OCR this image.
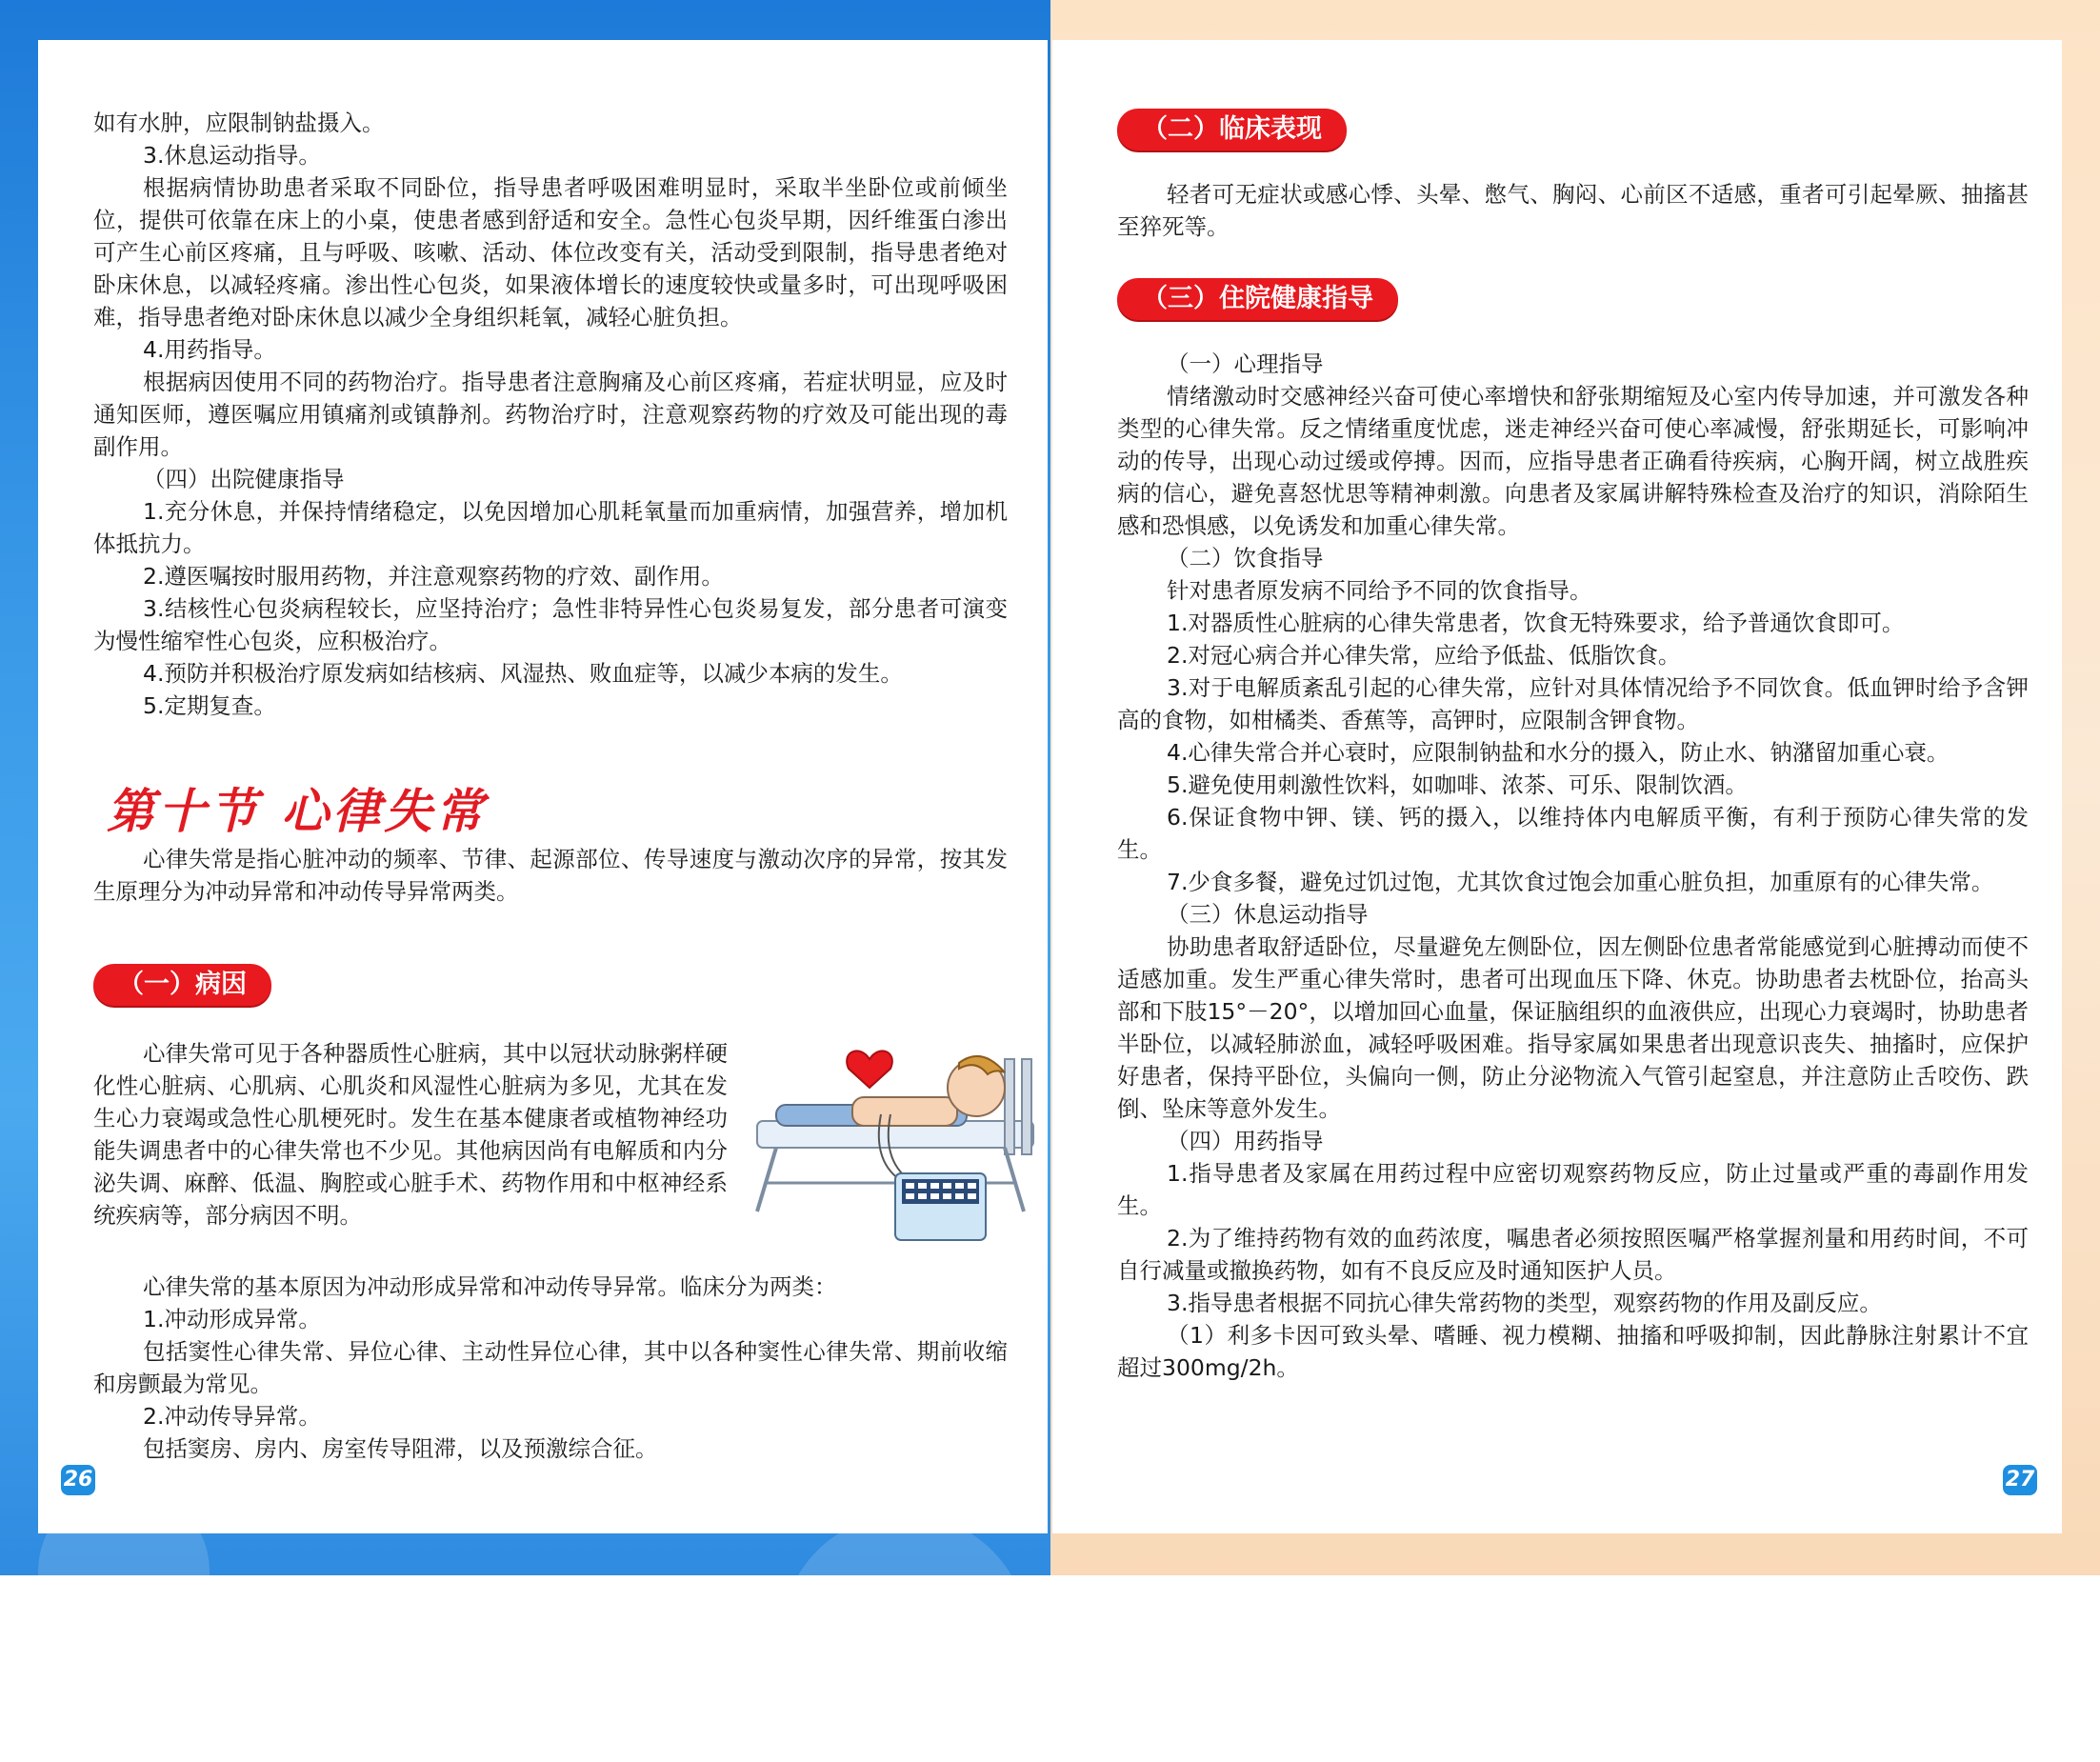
如有水肿，应限制钠盐摄入。

3.休息运动指导。

根据病情协助患者采取不同卧位，指导患者呼吸困难明显时，采取半坐卧位或前倾坐位，提供可依靠在床上的小桌，使患者感到舒适和安全。急性心包炎早期，因纤维蛋白渗出可产生心前区疼痛，且与呼吸、咳嗽、活动、体位改变有关，活动受到限制，指导患者绝对卧床休息，以减轻疼痛。渗出性心包炎，如果液体增长的速度较快或量多时，可出现呼吸困难，指导患者绝对卧床休息以减少全身组织耗氧，减轻心脏负担。

4.用药指导。

根据病因使用不同的药物治疗。指导患者注意胸痛及心前区疼痛，若症状明显，应及时通知医师，遵医嘱应用镇痛剂或镇静剂。药物治疗时，注意观察药物的疗效及可能出现的毒副作用。

（四）出院健康指导

1.充分休息，并保持情绪稳定，以免因增加心肌耗氧量而加重病情，加强营养，增加机体抵抗力。

2.遵医嘱按时服用药物，并注意观察药物的疗效、副作用。

3.结核性心包炎病程较长，应坚持治疗；急性非特异性心包炎易复发，部分患者可演变为慢性缩窄性心包炎，应积极治疗。

4.预防并积极治疗原发病如结核病、风湿热、败血症等，以减少本病的发生。

5.定期复查。

第十节 心律失常

心律失常是指心脏冲动的频率、节律、起源部位、传导速度与激动次序的异常，按其发生原理分为冲动异常和冲动传导异常两类。

（一）病因

心律失常可见于各种器质性心脏病，其中以冠状动脉粥样硬化性心脏病、心肌病、心肌炎和风湿性心脏病为多见，尤其在发生心力衰竭或急性心肌梗死时。发生在基本健康者或植物神经功能失调患者中的心律失常也不少见。其他病因尚有电解质和内分泌失调、麻醉、低温、胸腔或心脏手术、药物作用和中枢神经系统疾病等，部分病因不明。

心律失常的基本原因为冲动形成异常和冲动传导异常。临床分为两类：

1.冲动形成异常。

包括窦性心律失常、异位心律、主动性异位心律，其中以各种窦性心律失常、期前收缩和房颤最为常见。

2.冲动传导异常。

包括窦房、房内、房室传导阻滞，以及预激综合征。

26
（二）临床表现

轻者可无症状或感心悸、头晕、憋气、胸闷、心前区不适感，重者可引起晕厥、抽搐甚至猝死等。

（三）住院健康指导

（一）心理指导

情绪激动时交感神经兴奋可使心率增快和舒张期缩短及心室内传导加速，并可激发各种类型的心律失常。反之情绪重度忧虑，迷走神经兴奋可使心率减慢，舒张期延长，可影响冲动的传导，出现心动过缓或停搏。因而，应指导患者正确看待疾病，心胸开阔，树立战胜疾病的信心，避免喜怒忧思等精神刺激。向患者及家属讲解特殊检查及治疗的知识，消除陌生感和恐惧感，以免诱发和加重心律失常。

（二）饮食指导

针对患者原发病不同给予不同的饮食指导。

1.对器质性心脏病的心律失常患者，饮食无特殊要求，给予普通饮食即可。

2.对冠心病合并心律失常，应给予低盐、低脂饮食。

3.对于电解质紊乱引起的心律失常，应针对具体情况给予不同饮食。低血钾时给予含钾高的食物，如柑橘类、香蕉等，高钾时，应限制含钾食物。

4.心律失常合并心衰时，应限制钠盐和水分的摄入，防止水、钠潴留加重心衰。

5.避免使用刺激性饮料，如咖啡、浓茶、可乐、限制饮酒。

6.保证食物中钾、镁、钙的摄入，以维持体内电解质平衡，有利于预防心律失常的发生。

7.少食多餐，避免过饥过饱，尤其饮食过饱会加重心脏负担，加重原有的心律失常。

（三）休息运动指导

协助患者取舒适卧位，尽量避免左侧卧位，因左侧卧位患者常能感觉到心脏搏动而使不适感加重。发生严重心律失常时，患者可出现血压下降、休克。协助患者去枕卧位，抬高头部和下肢15°－20°，以增加回心血量，保证脑组织的血液供应，出现心力衰竭时，协助患者半卧位，以减轻肺淤血，减轻呼吸困难。指导家属如果患者出现意识丧失、抽搐时，应保护好患者，保持平卧位，头偏向一侧，防止分泌物流入气管引起窒息，并注意防止舌咬伤、跌倒、坠床等意外发生。

（四）用药指导

1.指导患者及家属在用药过程中应密切观察药物反应，防止过量或严重的毒副作用发生。

2.为了维持药物有效的血药浓度，嘱患者必须按照医嘱严格掌握剂量和用药时间，不可自行减量或撤换药物，如有不良反应及时通知医护人员。

3.指导患者根据不同抗心律失常药物的类型，观察药物的作用及副反应。

（1）利多卡因可致头晕、嗜睡、视力模糊、抽搐和呼吸抑制，因此静脉注射累计不宜超过300mg/2h。

27
